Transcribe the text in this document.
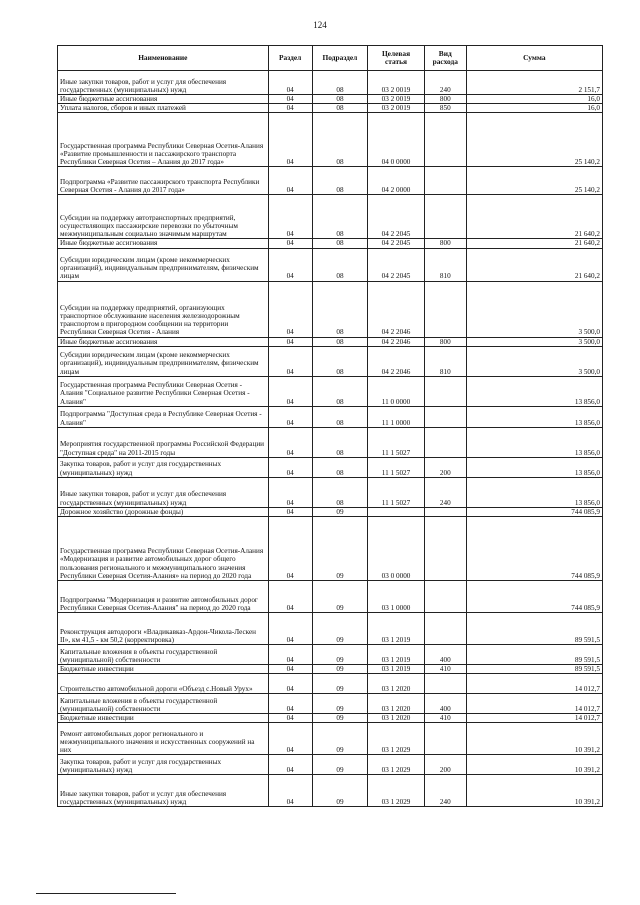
124
Наименование	Раздел	Подраздел	Целевая статья	Вид расхода	Сумма
Иные закупки товаров, работ и услуг для обеспечения государственных (муниципальных) нужд	04	08	03 2 0019	240	2 151,7
Иные бюджетные ассигнования	04	08	03 2 0019	800	16,0
Уплата налогов, сборов и иных платежей	04	08	03 2 0019	850	16,0
Государственная программа Республики Северная Осетия-Алания «Развитие промышленности и пассажирского транспорта Республики Северная Осетия – Алания до 2017 года»	04	08	04 0 0000		25 140,2
Подпрограмма «Развитие пассажирского транспорта Республики Северная Осетия - Алания до 2017 года»	04	08	04 2 0000		25 140,2
Субсидии на поддержку автотранспортных предприятий, осуществляющих пассажирские перевозки по убыточным межмуниципальным социально значимым маршрутам	04	08	04 2 2045		21 640,2
Иные бюджетные ассигнования	04	08	04 2 2045	800	21 640,2
Субсидии юридическим лицам (кроме некоммерческих организаций), индивидуальным предпринимателям, физическим лицам	04	08	04 2 2045	810	21 640,2
Субсидии на поддержку предприятий, организующих транспортное обслуживание населения железнодорожным транспортом в пригородном сообщении на территории Республики Северная Осетия - Алания	04	08	04 2 2046		3 500,0
Иные бюджетные ассигнования	04	08	04 2 2046	800	3 500,0
Субсидии юридическим лицам (кроме некоммерческих организаций), индивидуальным предпринимателям, физическим лицам	04	08	04 2 2046	810	3 500,0
Государственная программа Республики Северная Осетия - Алания "Социальное развитие Республики Северная Осетия - Алания"	04	08	11 0 0000		13 856,0
Подпрограмма "Доступная среда в Республике Северная Осетия - Алания"	04	08	11 1 0000		13 856,0
Мероприятия государственной программы Российской Федерации "Доступная среда" на 2011-2015 годы	04	08	11 1 5027		13 856,0
Закупка товаров, работ и услуг для государственных (муниципальных) нужд	04	08	11 1 5027	200	13 856,0
Иные закупки товаров, работ и услуг для обеспечения государственных (муниципальных) нужд	04	08	11 1 5027	240	13 856,0
Дорожное хозяйство (дорожные фонды)	04	09			744 085,9
Государственная программа Республики Северная Осетия-Алания «Модернизация и развитие автомобильных дорог общего пользования регионального и межмуниципального значения Республики Северная Осетия-Алания» на период до 2020 года	04	09	03 0 0000		744 085,9
Подпрограмма "Модернизация и развитие автомобильных дорог Республики Северная Осетия-Алания" на период до 2020 года	04	09	03 1 0000		744 085,9
Реконструкция автодороги «Владикавказ-Ардон-Чикола-Лескен II», км 41,5 - км 50,2 (корректировка)	04	09	03 1 2019		89 591,5
Капитальные вложения в объекты государственной (муниципальной) собственности	04	09	03 1 2019	400	89 591,5
Бюджетные инвестиции	04	09	03 1 2019	410	89 591,5
Строительство автомобильной дороги «Объезд с.Новый Урух»	04	09	03 1 2020		14 012,7
Капитальные вложения в объекты государственной (муниципальной) собственности	04	09	03 1 2020	400	14 012,7
Бюджетные инвестиции	04	09	03 1 2020	410	14 012,7
Ремонт автомобильных дорог регионального и межмуниципального значения и искусственных сооружений на них	04	09	03 1 2029		10 391,2
Закупка товаров, работ и услуг для государственных (муниципальных) нужд	04	09	03 1 2029	200	10 391,2
Иные закупки товаров, работ и услуг для обеспечения государственных (муниципальных) нужд	04	09	03 1 2029	240	10 391,2
